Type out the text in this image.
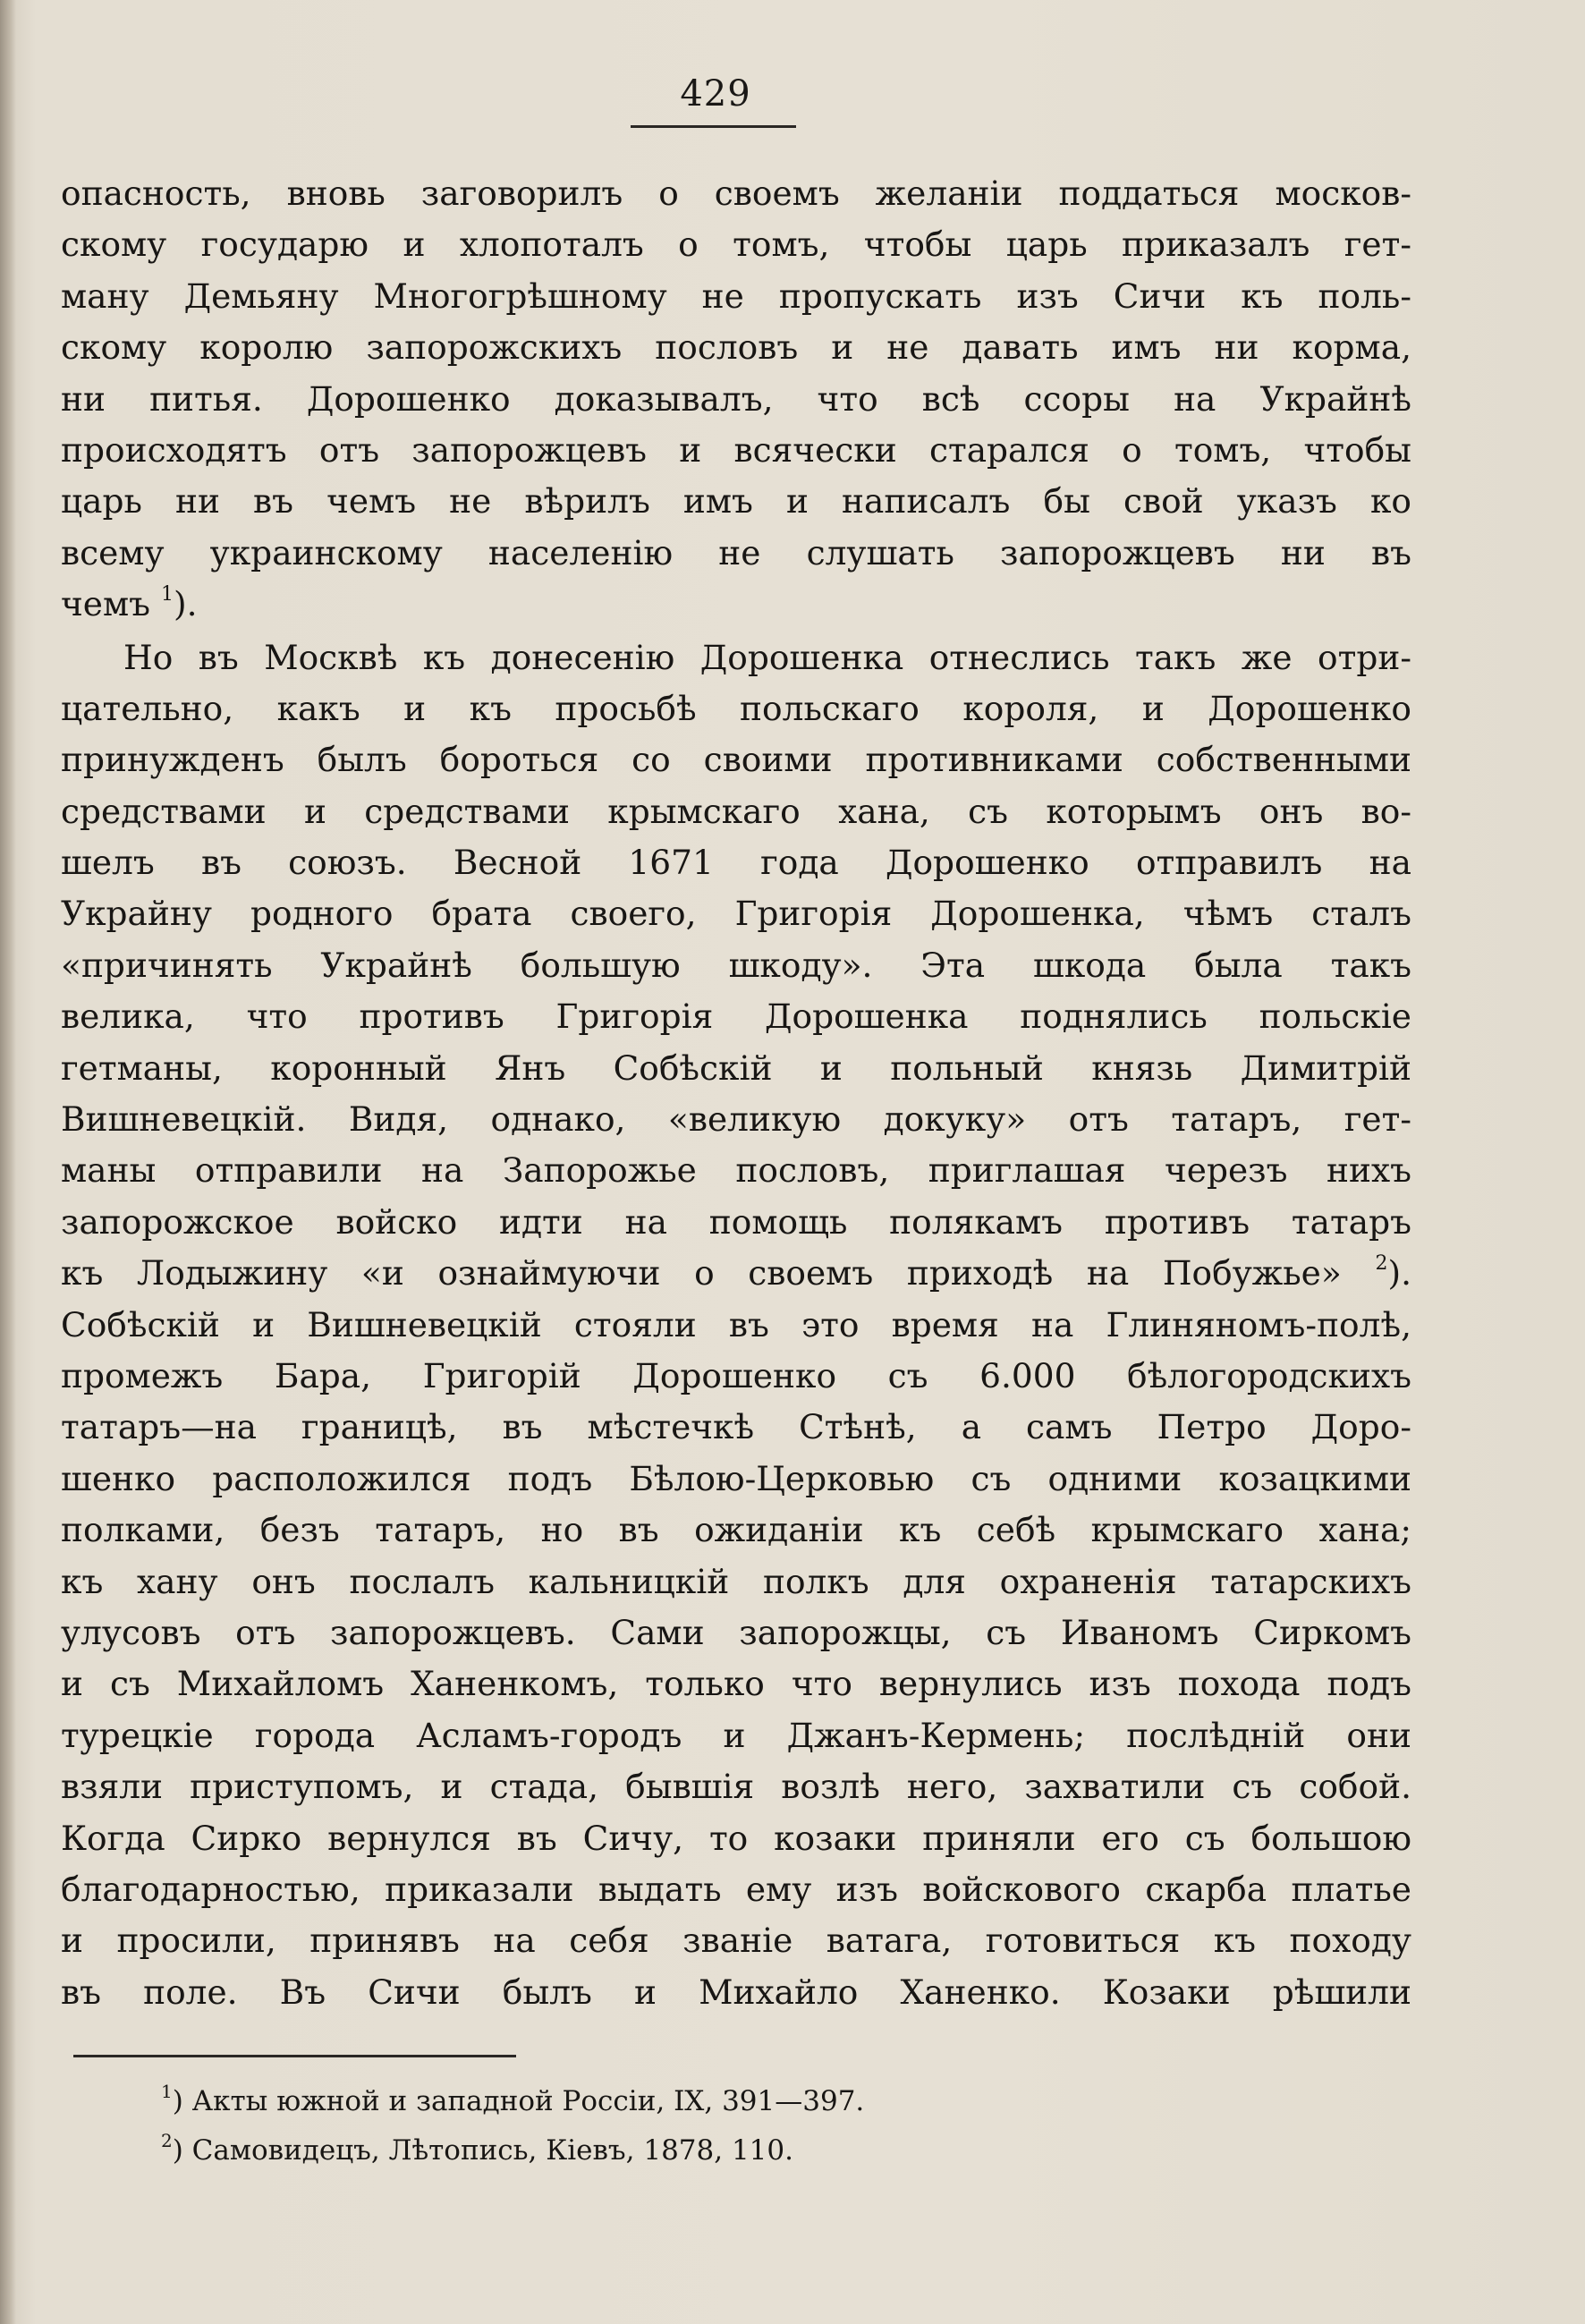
429
опасность, вновь заговорилъ о своемъ желаніи поддаться москов-
скому государю и хлопоталъ о томъ, чтобы царь приказалъ гет-
ману Демьяну Многогрѣшному не пропускать изъ Сичи къ поль-
скому королю запорожскихъ пословъ и не давать имъ ни корма,
ни питья. Дорошенко доказывалъ, что всѣ ссоры на Украйнѣ
происходятъ отъ запорожцевъ и всячески старался о томъ, чтобы
царь ни въ чемъ не вѣрилъ имъ и написалъ бы свой указъ ко
всему украинскому населенію не слушать запорожцевъ ни въ
чемъ $^1$).
Но въ Москвѣ къ донесенію Дорошенка отнеслись такъ же отри-
цательно, какъ и къ просьбѣ польскаго короля, и Дорошенко
принужденъ былъ бороться со своими противниками собственными
средствами и средствами крымскаго хана, съ которымъ онъ во-
шелъ въ союзъ. Весной 1671 года Дорошенко отправилъ на
Украйну родного брата своего, Григорія Дорошенка, чѣмъ сталъ
«причинять Украйнѣ большую шкоду». Эта шкода была такъ
велика, что противъ Григорія Дорошенка поднялись польскіе
гетманы, коронный Янъ Собѣскій и польный князь Димитрій
Вишневецкій. Видя, однако, «великую докуку» отъ татаръ, гет-
маны отправили на Запорожье пословъ, приглашая черезъ нихъ
запорожское войско идти на помощь полякамъ противъ татаръ
къ Лодыжину «и ознаймуючи о своемъ приходѣ на Побужье» $^2$).
Собѣскій и Вишневецкій стояли въ это время на Глиняномъ-полѣ,
промежъ Бара, Григорій Дорошенко съ 6.000 бѣлогородскихъ
татаръ—на границѣ, въ мѣстечкѣ Стѣнѣ, а самъ Петро Доро-
шенко расположился подъ Бѣлою-Церковью съ одними козацкими
полками, безъ татаръ, но въ ожиданіи къ себѣ крымскаго хана;
къ хану онъ послалъ кальницкій полкъ для охраненія татарскихъ
улусовъ отъ запорожцевъ. Сами запорожцы, съ Иваномъ Сиркомъ
и съ Михайломъ Ханенкомъ, только что вернулись изъ похода подъ
турецкіе города Асламъ-городъ и Джанъ-Кермень; послѣдній они
взяли приступомъ, и стада, бывшія возлѣ него, захватили съ собой.
Когда Сирко вернулся въ Сичу, то козаки приняли его съ большою
благодарностью, приказали выдать ему изъ войскового скарба платье
и просили, принявъ на себя званіе ватага, готовиться къ походу
въ поле. Въ Сичи былъ и Михайло Ханенко. Козаки рѣшили
$^1$) Акты южной и западной Россіи, IX, 391—397.
$^2$) Самовидецъ, Лѣтопись, Кіевъ, 1878, 110.
